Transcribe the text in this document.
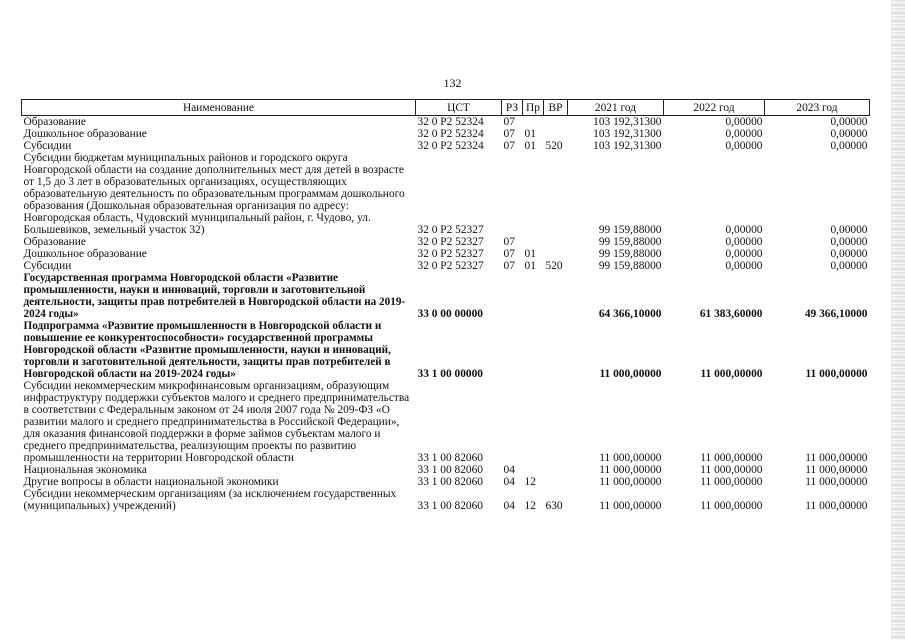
132
Наименование	ЦСТ	РЗ	Пр	ВР	2021 год	2022 год	2023 год
Образование	32 0 Р2 52324	07			103 192,31300	0,00000	0,00000
Дошкольное образование	32 0 Р2 52324	07	01		103 192,31300	0,00000	0,00000
Субсидии	32 0 Р2 52324	07	01	520	103 192,31300	0,00000	0,00000
Субсидии бюджетам муниципальных районов и городского округа Новгородской области на создание дополнительных мест для детей в возрасте от 1,5 до 3 лет в образовательных организациях, осуществляющих образовательную деятельность по образовательным программам дошкольного образования (Дошкольная образовательная организация по адресу: Новгородская область, Чудовский муниципальный район, г. Чудово, ул. Большевиков, земельный участок 32)	32 0 Р2 52327				99 159,88000	0,00000	0,00000
Образование	32 0 Р2 52327	07			99 159,88000	0,00000	0,00000
Дошкольное образование	32 0 Р2 52327	07	01		99 159,88000	0,00000	0,00000
Субсидии	32 0 Р2 52327	07	01	520	99 159,88000	0,00000	0,00000
Государственная программа Новгородской области «Развитие промышленности, науки и инноваций, торговли и заготовительной деятельности, защиты прав потребителей в Новгородской области на 2019-2024 годы»	33 0 00 00000				64 366,10000	61 383,60000	49 366,10000
Подпрограмма «Развитие промышленности в Новгородской области и повышение ее конкурентоспособности» государственной программы Новгородской области «Развитие промышленности, науки и инноваций, торговли и заготовительной деятельности, защиты прав потребителей в Новгородской области на 2019-2024 годы»	33 1 00 00000				11 000,00000	11 000,00000	11 000,00000
Субсидии некоммерческим микрофинансовым организациям, образующим инфраструктуру поддержки субъектов малого и среднего предпринимательства в соответствии с Федеральным законом от 24 июля 2007 года № 209-ФЗ «О развитии малого и среднего предпринимательства в Российской Федерации», для оказания финансовой поддержки в форме займов субъектам малого и среднего предпринимательства, реализующим проекты по развитию промышленности на территории Новгородской области	33 1 00 82060				11 000,00000	11 000,00000	11 000,00000
Национальная экономика	33 1 00 82060	04			11 000,00000	11 000,00000	11 000,00000
Другие вопросы в области национальной экономики	33 1 00 82060	04	12		11 000,00000	11 000,00000	11 000,00000
Субсидии некоммерческим организациям (за исключением государственных (муниципальных) учреждений)	33 1 00 82060	04	12	630	11 000,00000	11 000,00000	11 000,00000
